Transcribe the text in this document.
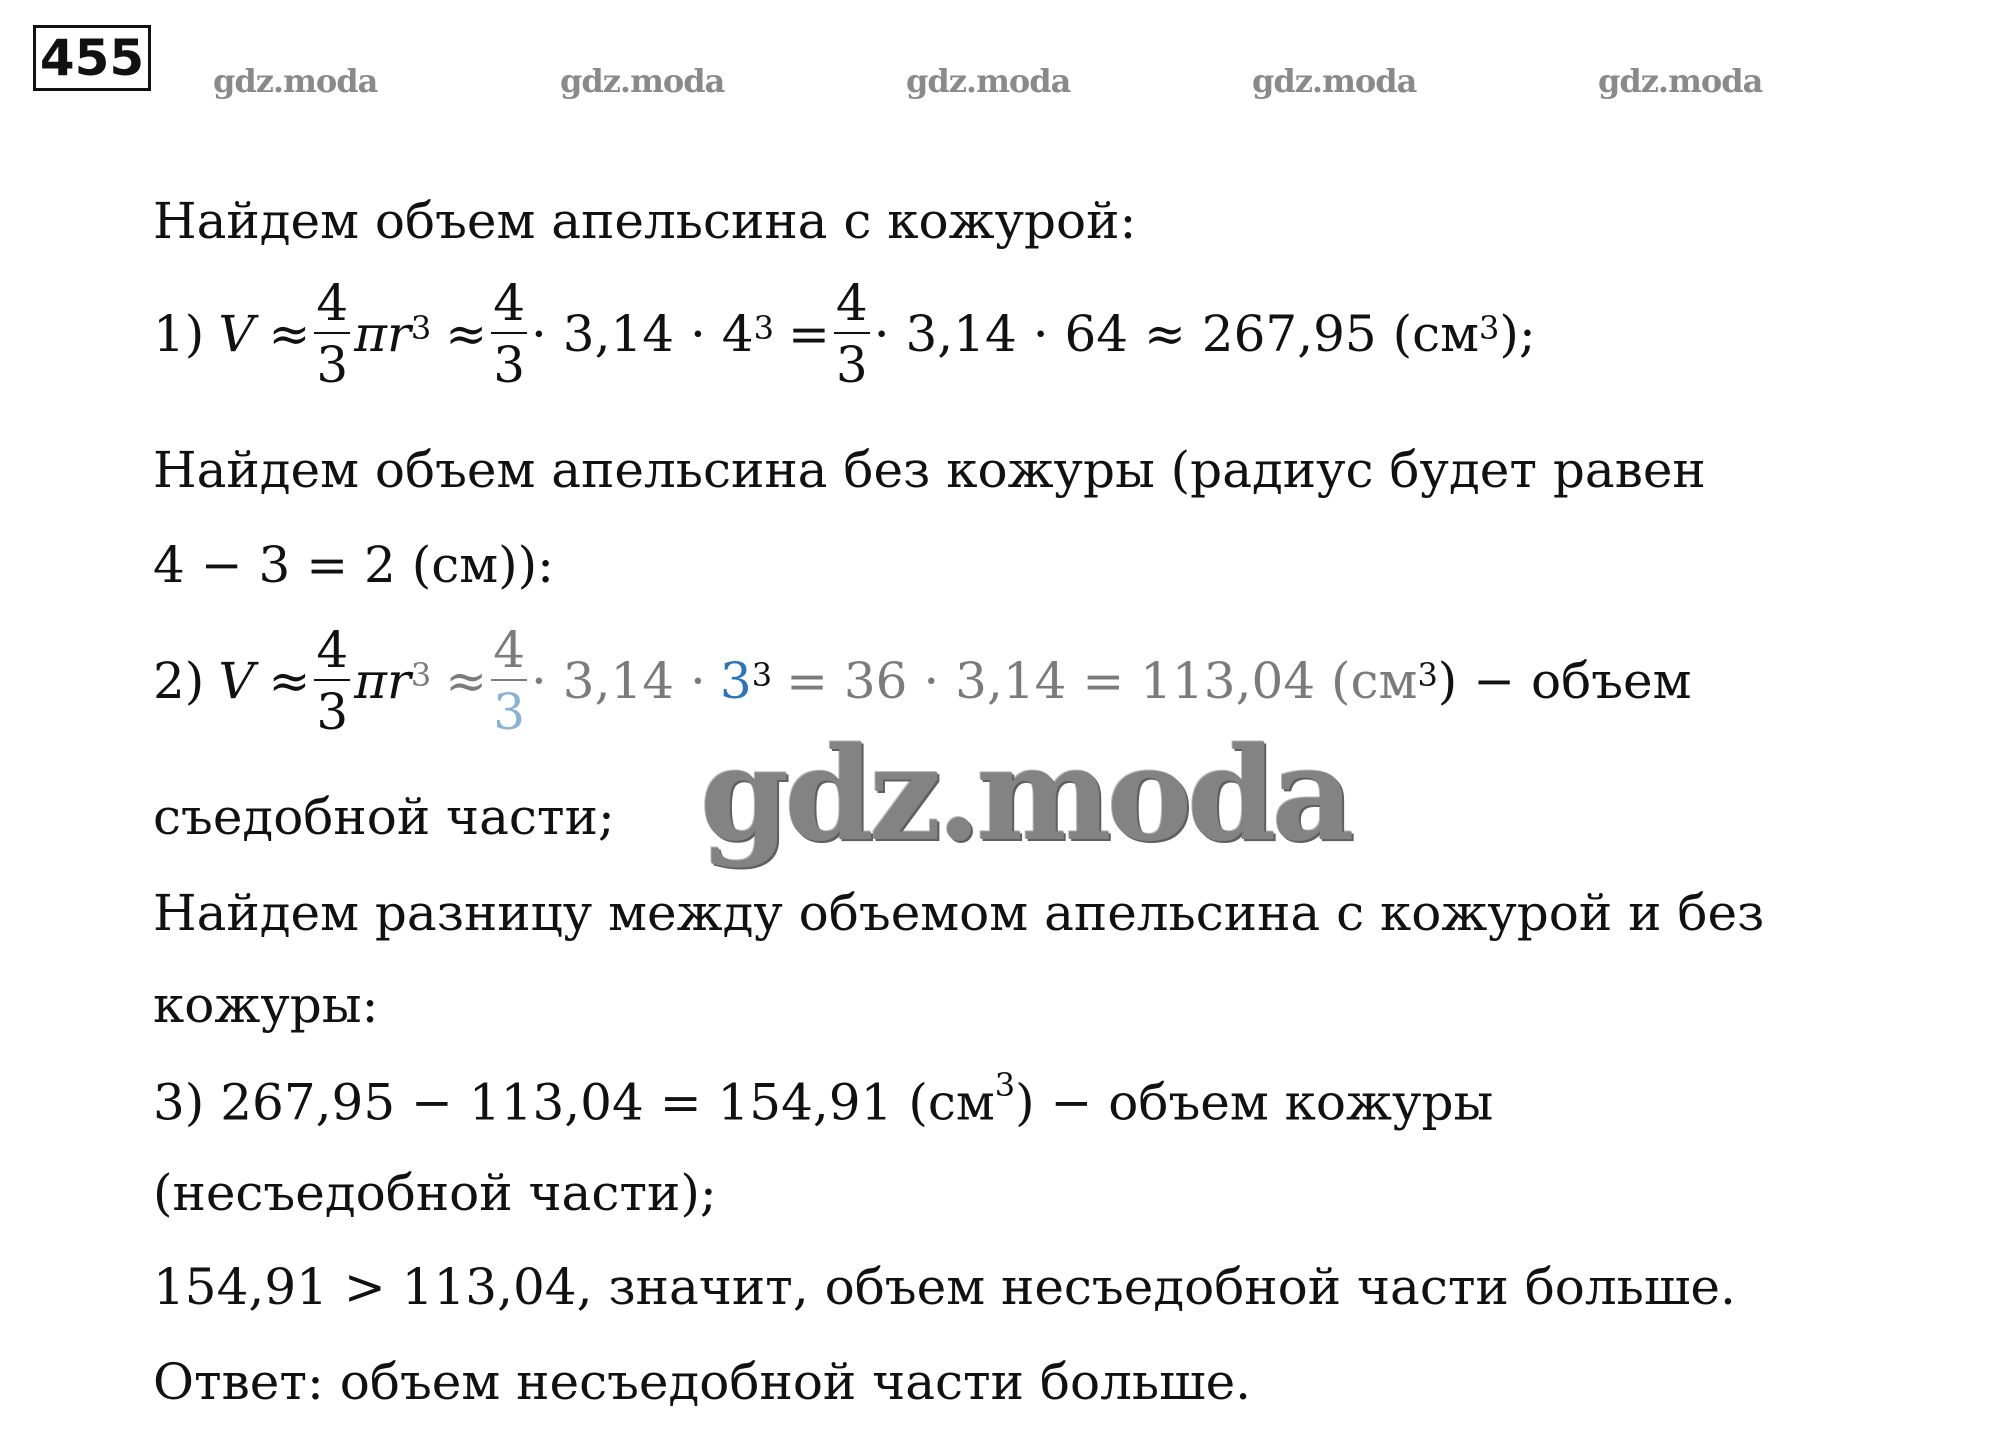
455 gdz.moda	gdz.moda	gdz.moda	gdz.moda	gdz.moda
Найдем объем апельсина с кожурой:
1) $V \approx \frac{4}{3} \pi r^3 \approx \frac{4}{3} \cdot 3,14 \cdot 4^3 = \frac{4}{3} \cdot 3,14 \cdot 64 \approx 267,95$ ($см^3$ );
Найдем объем апельсина без кожуры (радиус будет равен
4 − 3 = 2 (см)):
2) $V \approx \frac{4}{3} \pi r^3 \approx \frac{4}{3} \cdot 3,14 \cdot 3^3 = 36 \cdot 3,14 = 113,04$ ($см^3$ ) − объем
съедобной части;
Найдем разницу между объемом апельсина с кожурой и без
кожуры:
3) 267,95 − 113,04 = 154,91 $(см^3)$ − объем кожуры
(несъедобной части);
154,91 > 113,04, значит, объем несъедобной части больше.
Ответ: объем несъедобной части больше.
gdz.moda
